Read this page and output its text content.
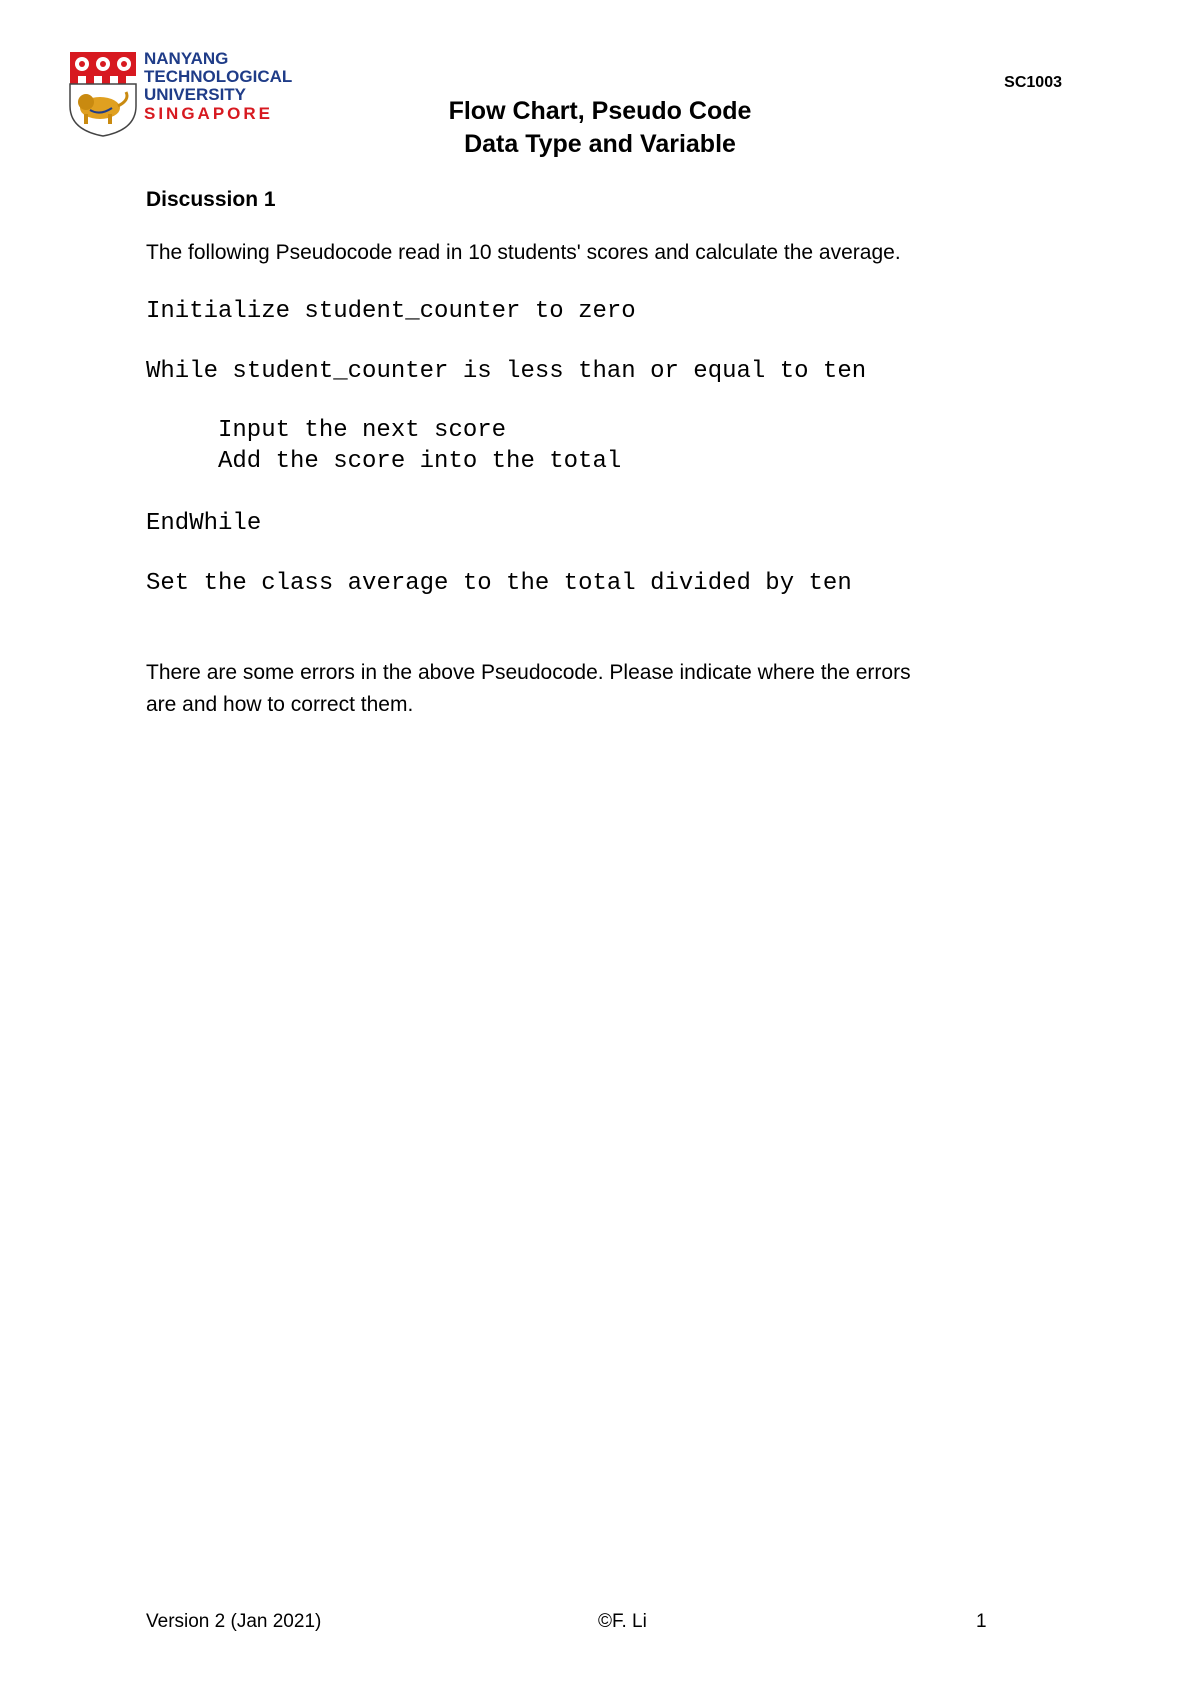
NANYANG
TECHNOLOGICAL
UNIVERSITY
SINGAPORE
SC1003
Flow Chart, Pseudo Code
Data Type and Variable
Discussion 1
The following Pseudocode read in 10 students' scores and calculate the average.
Initialize student_counter to zero
While student_counter is less than or equal to ten
Input the next score
Add the score into the total
EndWhile
Set the class average to the total divided by ten
There are some errors in the above Pseudocode. Please indicate where the errors
are and how to correct them.
Version 2 (Jan 2021)	©F. Li	1
